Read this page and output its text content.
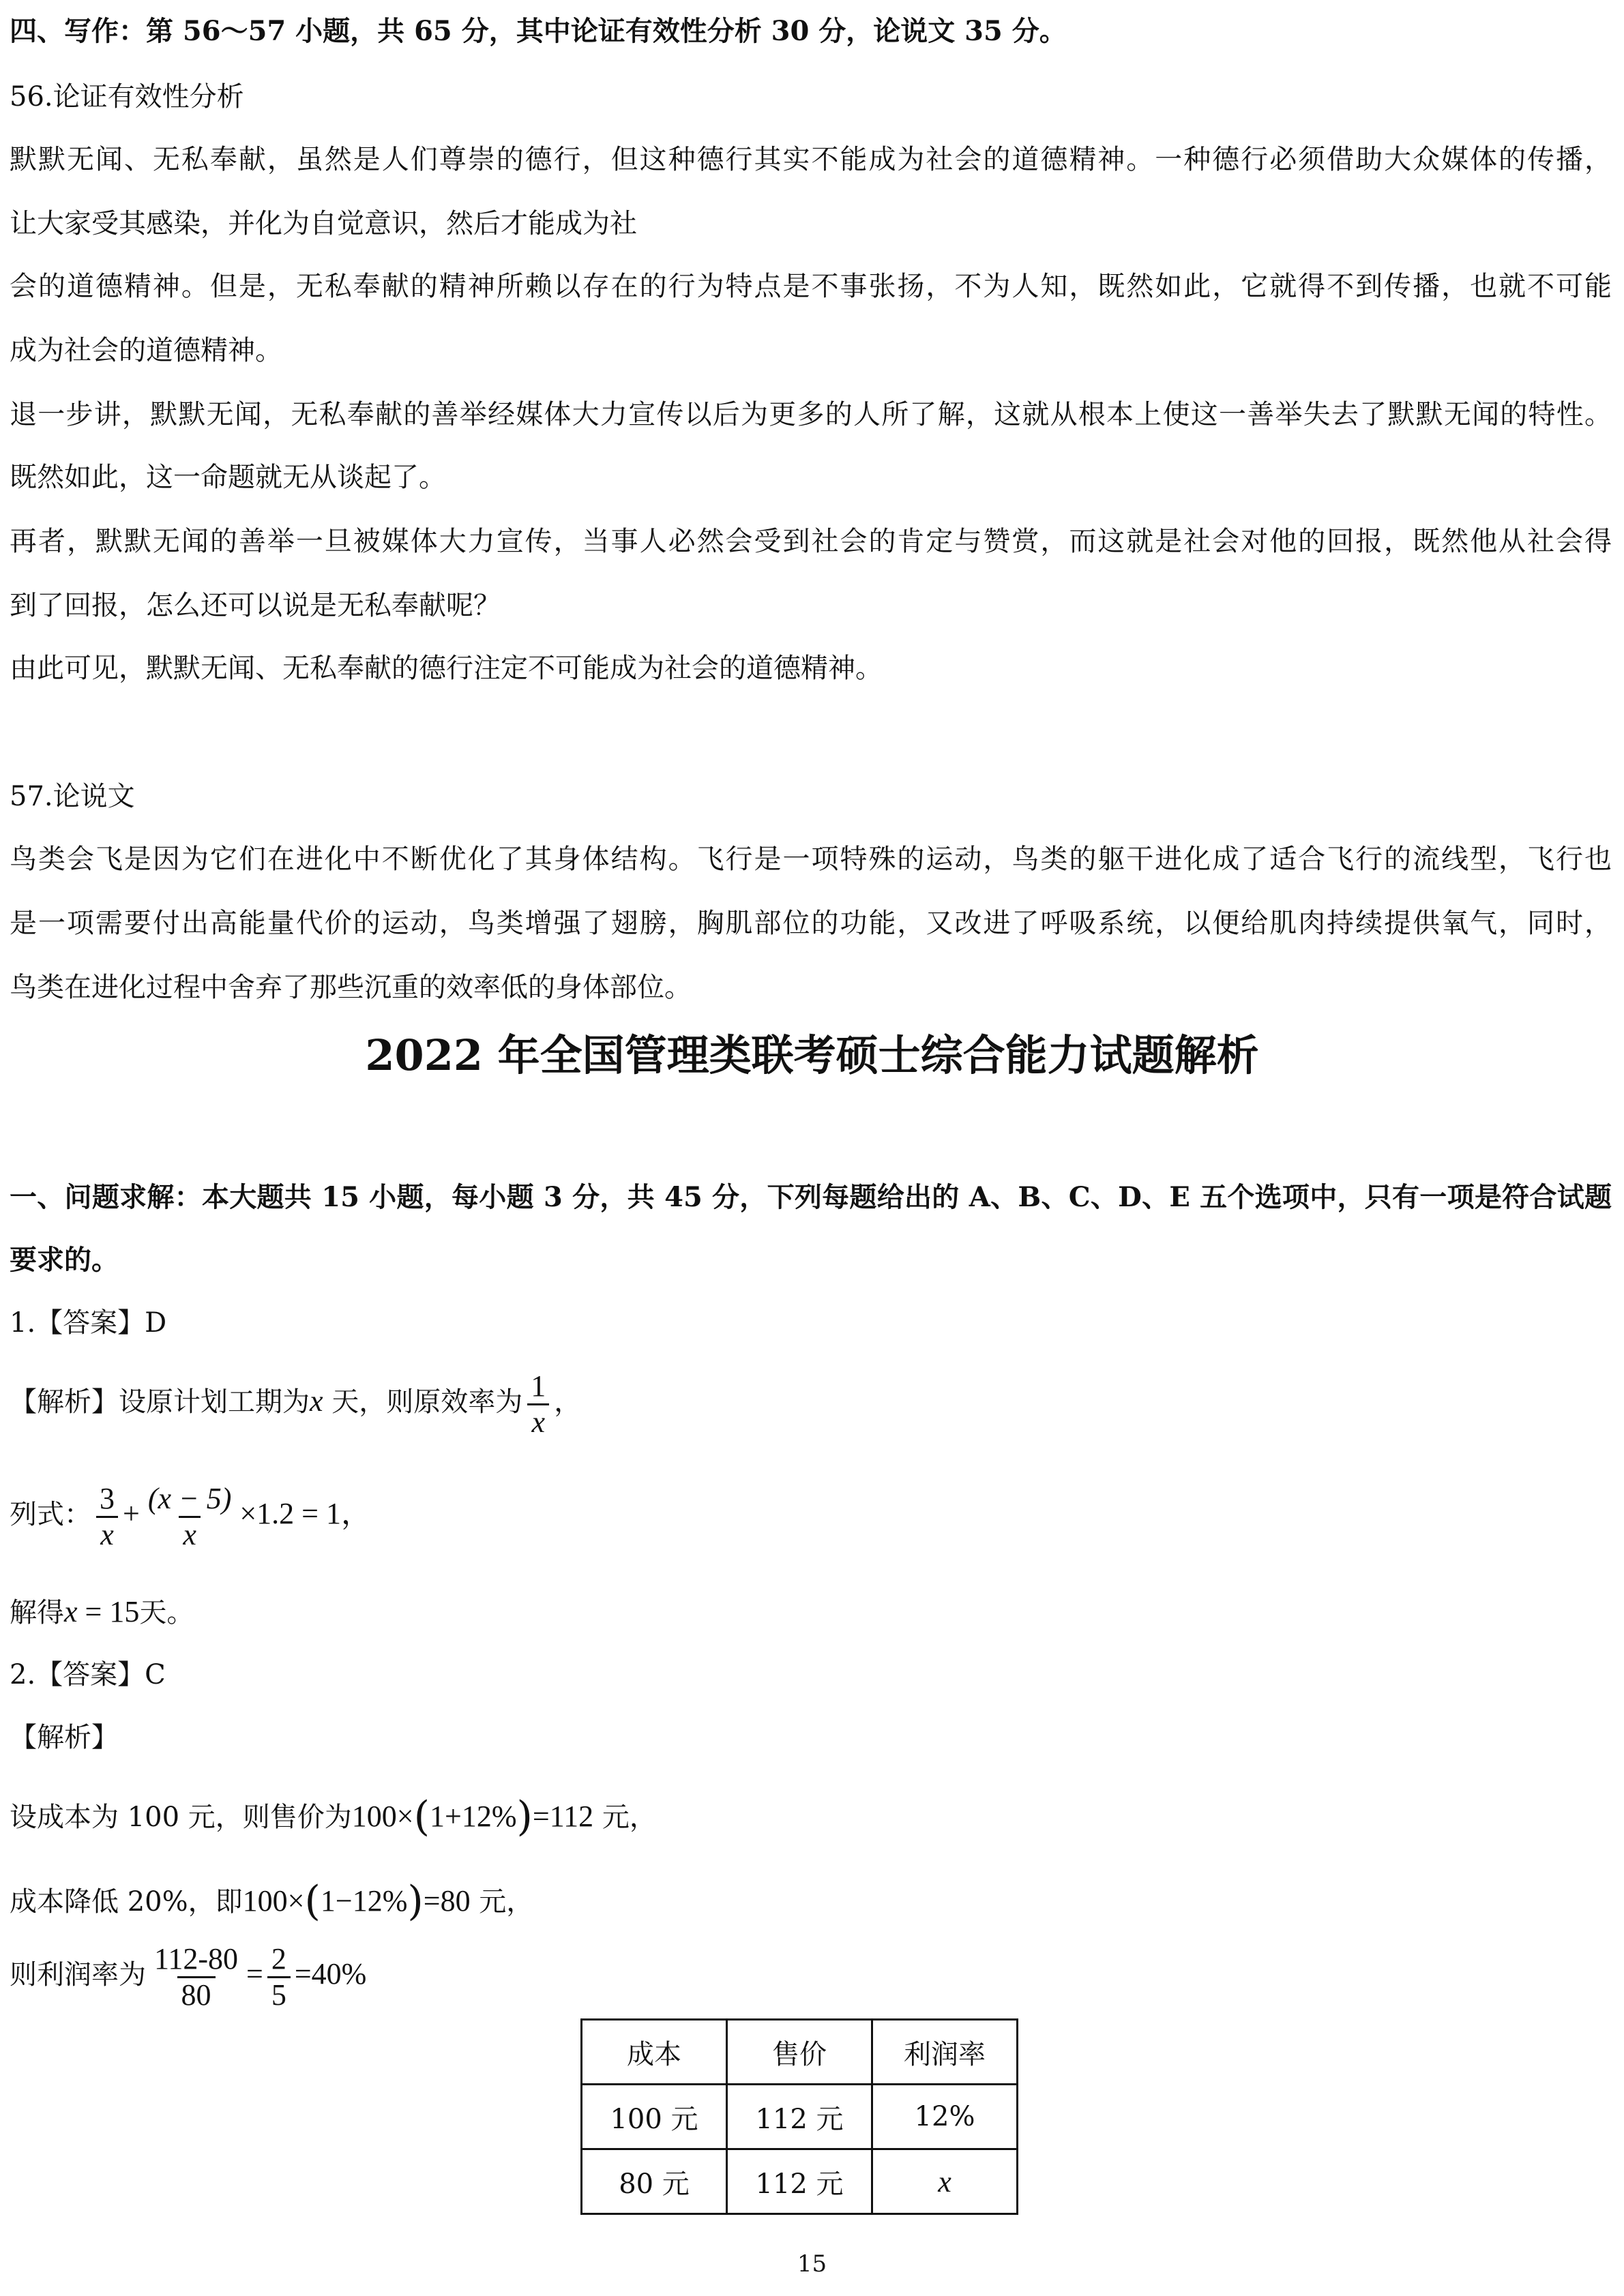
四、写作：第 56～57 小题，共 65 分，其中论证有效性分析 30 分，论说文 35 分。
56.论证有效性分析
默默无闻、无私奉献，虽然是人们尊崇的德行，但这种德行其实不能成为社会的道德精神。一种德行必须借助大众媒体的传播，
让大家受其感染，并化为自觉意识，然后才能成为社
会的道德精神。但是，无私奉献的精神所赖以存在的行为特点是不事张扬，不为人知，既然如此，它就得不到传播，也就不可能
成为社会的道德精神。
退一步讲，默默无闻，无私奉献的善举经媒体大力宣传以后为更多的人所了解，这就从根本上使这一善举失去了默默无闻的特性。
既然如此，这一命题就无从谈起了。
再者，默默无闻的善举一旦被媒体大力宣传，当事人必然会受到社会的肯定与赞赏，而这就是社会对他的回报，既然他从社会得
到了回报，怎么还可以说是无私奉献呢？
由此可见，默默无闻、无私奉献的德行注定不可能成为社会的道德精神。
57.论说文
鸟类会飞是因为它们在进化中不断优化了其身体结构。飞行是一项特殊的运动，鸟类的躯干进化成了适合飞行的流线型，飞行也
是一项需要付出高能量代价的运动，鸟类增强了翅膀，胸肌部位的功能，又改进了呼吸系统，以便给肌肉持续提供氧气，同时，
鸟类在进化过程中舍弃了那些沉重的效率低的身体部位。
2022 年全国管理类联考硕士综合能力试题解析
一、问题求解：本大题共 15 小题，每小题 3 分，共 45 分，下列每题给出的 A、B、C、D、E 五个选项中，只有一项是符合试题
要求的。
1.【答案】D
【解析】设原计划工期为x 天，则原效率为 $\frac{1}{x}$ ，
列式： $\frac{3}{x} + \frac{(x - 5)}{x} \times 1.2 = 1$，
解得x = 15天。
2.【答案】C
【解析】
设成本为 100 元，则售价为100×(1+12%)=112 元，
成本降低 20%，即100×(1−12%)=80 元，
则利润率为 $\frac{112-80}{80} = \frac{2}{5} =40\%$
成本	售价	利润率
100 元	112 元	12%
80 元	112 元	x
15
